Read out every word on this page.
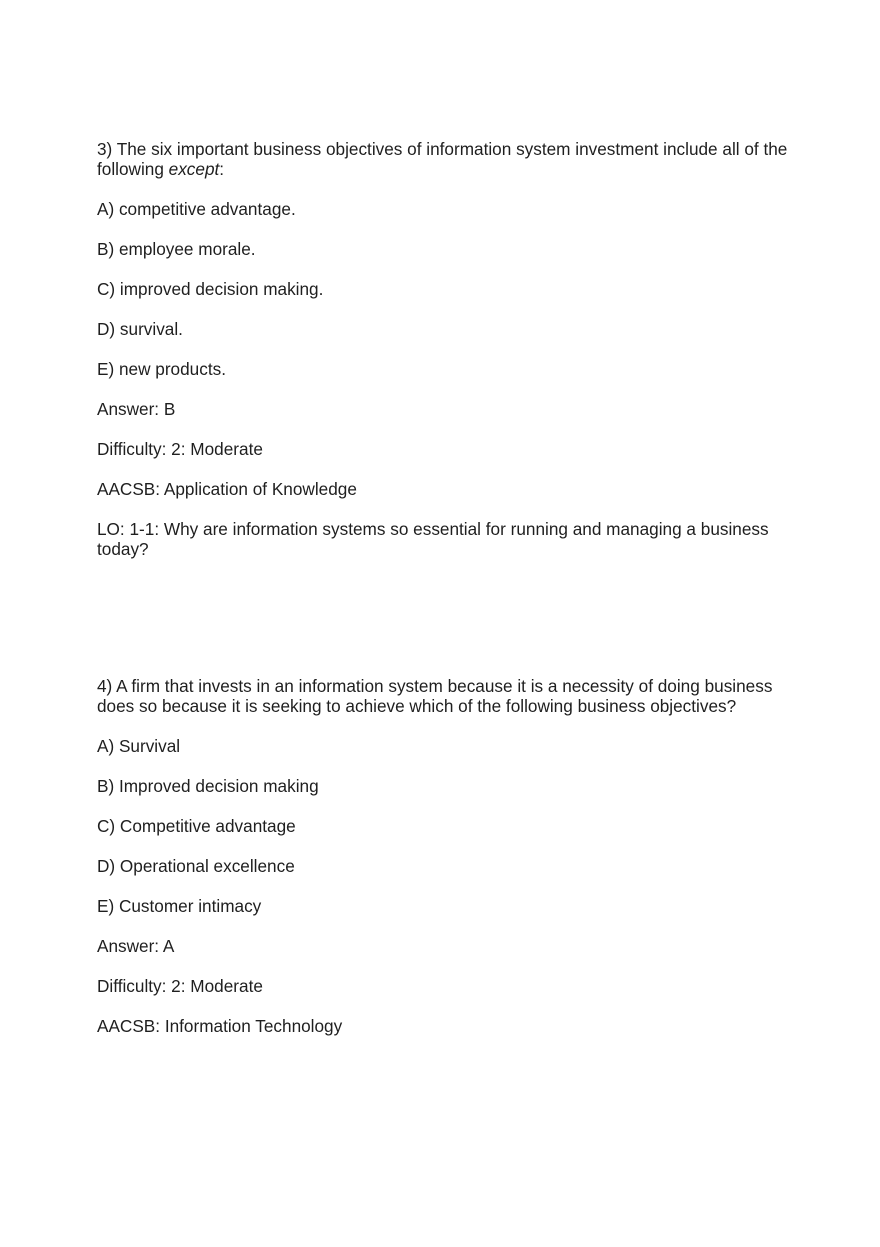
3) The six important business objectives of information system investment include all of the following except:

A) competitive advantage.

B) employee morale.

C) improved decision making.

D) survival.

E) new products.

Answer: B

Difficulty: 2: Moderate

AACSB: Application of Knowledge

LO: 1-1: Why are information systems so essential for running and managing a business today?

4) A firm that invests in an information system because it is a necessity of doing business does so because it is seeking to achieve which of the following business objectives?

A) Survival

B) Improved decision making

C) Competitive advantage

D) Operational excellence

E) Customer intimacy

Answer: A

Difficulty: 2: Moderate

AACSB: Information Technology
